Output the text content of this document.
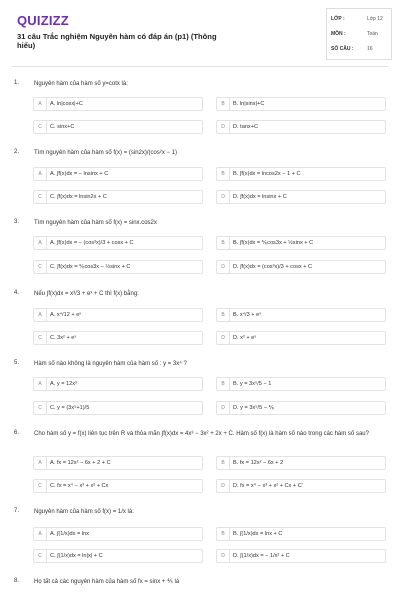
QUIZIZZ
31 câu Trắc nghiệm Nguyên hàm có đáp án (p1) (Thông hiểu)
LỚP :	Lớp 12
MÔN :	Toán
SỐ CÂU :	16
1. Nguyên hàm của hàm số y=cotx là:
A	A. ln|cosx|+C	B	B. ln|sinx|+C
C	C. sinx+C	D	D. tanx+C
2. Tìm nguyên hàm của hàm số f(x) = (sin2x)/(cos²x − 1)
A	A. ∫f(x)dx = − lnsinx + C	B	B. ∫f(x)dx = lncos2x − 1 + C
C	C. ∫f(x)dx = lnsin2x + C	D	D. ∫f(x)dx = lnsinx + C
3. Tìm nguyên hàm của hàm số f(x) = sinx.cos2x
A	A. ∫f(x)dx = − (cos³x)/3 + cosx + C	B	B. ∫f(x)dx = ⅙cos3x + ½sinx + C
C	C. ∫f(x)dx = ⅙cos3x − ½sinx + C	D	D. ∫f(x)dx = (cos³x)/3 + cosx + C
4. Nếu ∫f(x)dx = x³/3 + eˣ + C thì f(x) bằng:
A	A. x⁴/12 + eˣ	B	B. x⁴/3 + eˣ
C	C. 3x² + eˣ	D	D. x² + eˣ
5. Hàm số nào không là nguyên hàm của hàm số : y = 3x⁴ ?
A	A. y = 12x³	B	B. y = 3x⁵/5 − 1
C	C. y = (3x⁵+1)/5	D	D. y = 3x⁵/5 − ⅙
6. Cho hàm số y = f(x) liên tục trên R và thỏa mãn ∫f(x)dx = 4x³ − 3x² + 2x + C. Hàm số f(x) là hàm số nào trong các hàm số sau?
A	A. fx = 12x² − 6x + 2 + C	B	B. fx = 12x² − 6x + 2
C	C. fx = x⁴ − x³ + x² + Cx	D	D. fx = x⁴ − x³ + x² + Cx + C'
7. Nguyên hàm của hàm số f(x) = 1/x là:
A	A. ∫(1/x)dx = lnx	B	B. ∫(1/x)dx = lnx + C
C	C. ∫(1/x)dx = ln|x| + C	D	D. ∫(1/x)dx = − 1/x² + C
8. Họ tất cả các nguyên hàm của hàm số fx = sinx + ⅘ là
